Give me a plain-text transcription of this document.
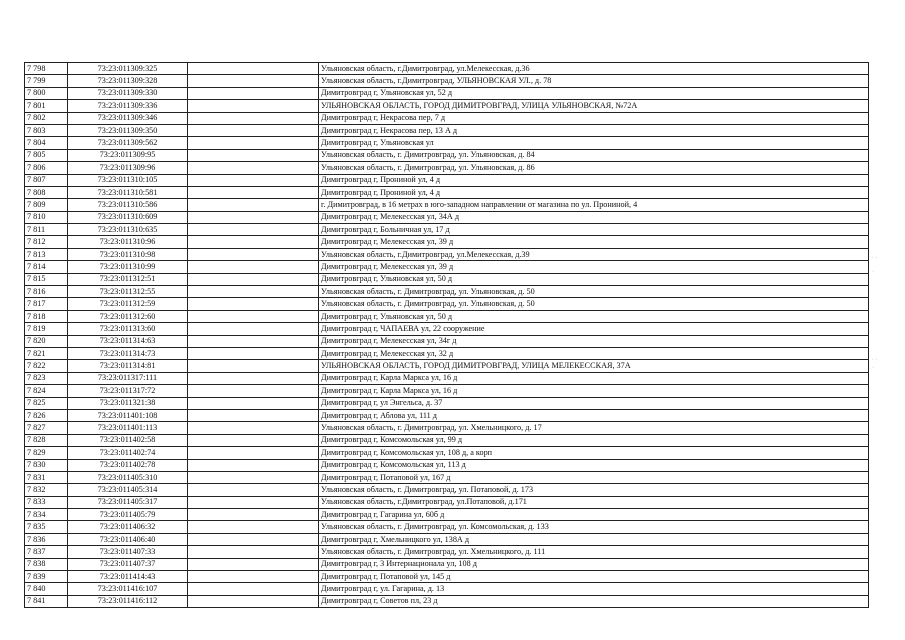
7 798	73:23:011309:325		Ульяновская область, г.Димитровград, ул.Мелекесская, д.36
7 799	73:23:011309:328		Ульяновская область, г.Димитровград, УЛЬЯНОВСКАЯ УЛ., д. 78
7 800	73:23:011309:330		Димитровград г, Ульяновская ул, 52 д
7 801	73:23:011309:336		УЛЬЯНОВСКАЯ ОБЛАСТЬ, ГОРОД ДИМИТРОВГРАД, УЛИЦА УЛЬЯНОВСКАЯ, №72А
7 802	73:23:011309:346		Димитровград г, Некрасова пер, 7 д
7 803	73:23:011309:350		Димитровград г, Некрасова пер, 13 А д
7 804	73:23:011309:562		Димитровград г, Ульяновская ул
7 805	73:23:011309:95		Ульяновская область, г. Димитровград, ул. Ульяновская, д. 84
7 806	73:23:011309:96		Ульяновская область, г. Димитровград, ул. Ульяновская, д. 86
7 807	73:23:011310:105		Димитровград г, Прониной ул, 4 д
7 808	73:23:011310:581		Димитровград г, Прониной ул, 4 д
7 809	73:23:011310:586		г. Димитровград, в 16 метрах в юго-западном направлении от магазина по ул. Прониной, 4
7 810	73:23:011310:609		Димитровград г, Мелекесская ул, 34А д
7 811	73:23:011310:635		Димитровград г, Больничная ул, 17 д
7 812	73:23:011310:96		Димитровград г, Мелекесская ул, 39 д
7 813	73:23:011310:98		Ульяновская область, г.Димитровград, ул.Мелекесская, д.39
7 814	73:23:011310:99		Димитровград г, Мелекесская ул, 39 д
7 815	73:23:011312:51		Димитровград г, Ульяновская ул, 50 д
7 816	73:23:011312:55		Ульяновская область, г. Димитровград, ул. Ульяновская, д. 50
7 817	73:23:011312:59		Ульяновская область, г. Димитровград, ул. Ульяновская, д. 50
7 818	73:23:011312:60		Димитровград г, Ульяновская ул, 50 д
7 819	73:23:011313:60		Димитровград г, ЧАПАЕВА ул, 22 сооружение
7 820	73:23:011314:63		Димитровград г, Мелекесская ул, 34г д
7 821	73:23:011314:73		Димитровград г, Мелекесская ул, 32 д
7 822	73:23:011314:81		УЛЬЯНОВСКАЯ ОБЛАСТЬ, ГОРОД ДИМИТРОВГРАД, УЛИЦА МЕЛЕКЕССКАЯ, 37А
7 823	73:23:011317:111		Димитровград г, Карла Маркса ул, 16 д
7 824	73:23:011317:72		Димитровград г, Карла Маркса ул, 16 д
7 825	73:23:011321:38		Димитровград г, ул Энгельса, д. 37
7 826	73:23:011401:108		Димитровград г, Аблова ул, 111 д
7 827	73:23:011401:113		Ульяновская область, г. Димитровград, ул. Хмельницкого, д. 17
7 828	73:23:011402:58		Димитровград г, Комсомольская ул, 99 д
7 829	73:23:011402:74		Димитровград г, Комсомольская ул, 108 д, а корп
7 830	73:23:011402:78		Димитровград г, Комсомольская ул, 113 д
7 831	73:23:011405:310		Димитровград г, Потаповой ул, 167 д
7 832	73:23:011405:314		Ульяновская область, г. Димитровград, ул. Потаповой, д. 173
7 833	73:23:011405:317		Ульяновская область, г.Димитровград, ул.Потаповой, д.171
7 834	73:23:011405:79		Димитровград г, Гагарина ул, 60б д
7 835	73:23:011406:32		Ульяновская область, г. Димитровград, ул. Комсомольская, д. 133
7 836	73:23:011406:40		Димитровград г, Хмельницкого ул, 138А д
7 837	73:23:011407:33		Ульяновская область, г. Димитровград, ул. Хмельницкого, д. 111
7 838	73:23:011407:37		Димитровград г, 3 Интернационала ул, 108 д
7 839	73:23:011414:43		Димитровград г, Потаповой ул, 145 д
7 840	73:23:011416:107		Димитровград г, ул. Гагарина, д. 13
7 841	73:23:011416:112		Димитровград г, Советов пл, 23 д
· ·
·
· ·
·
